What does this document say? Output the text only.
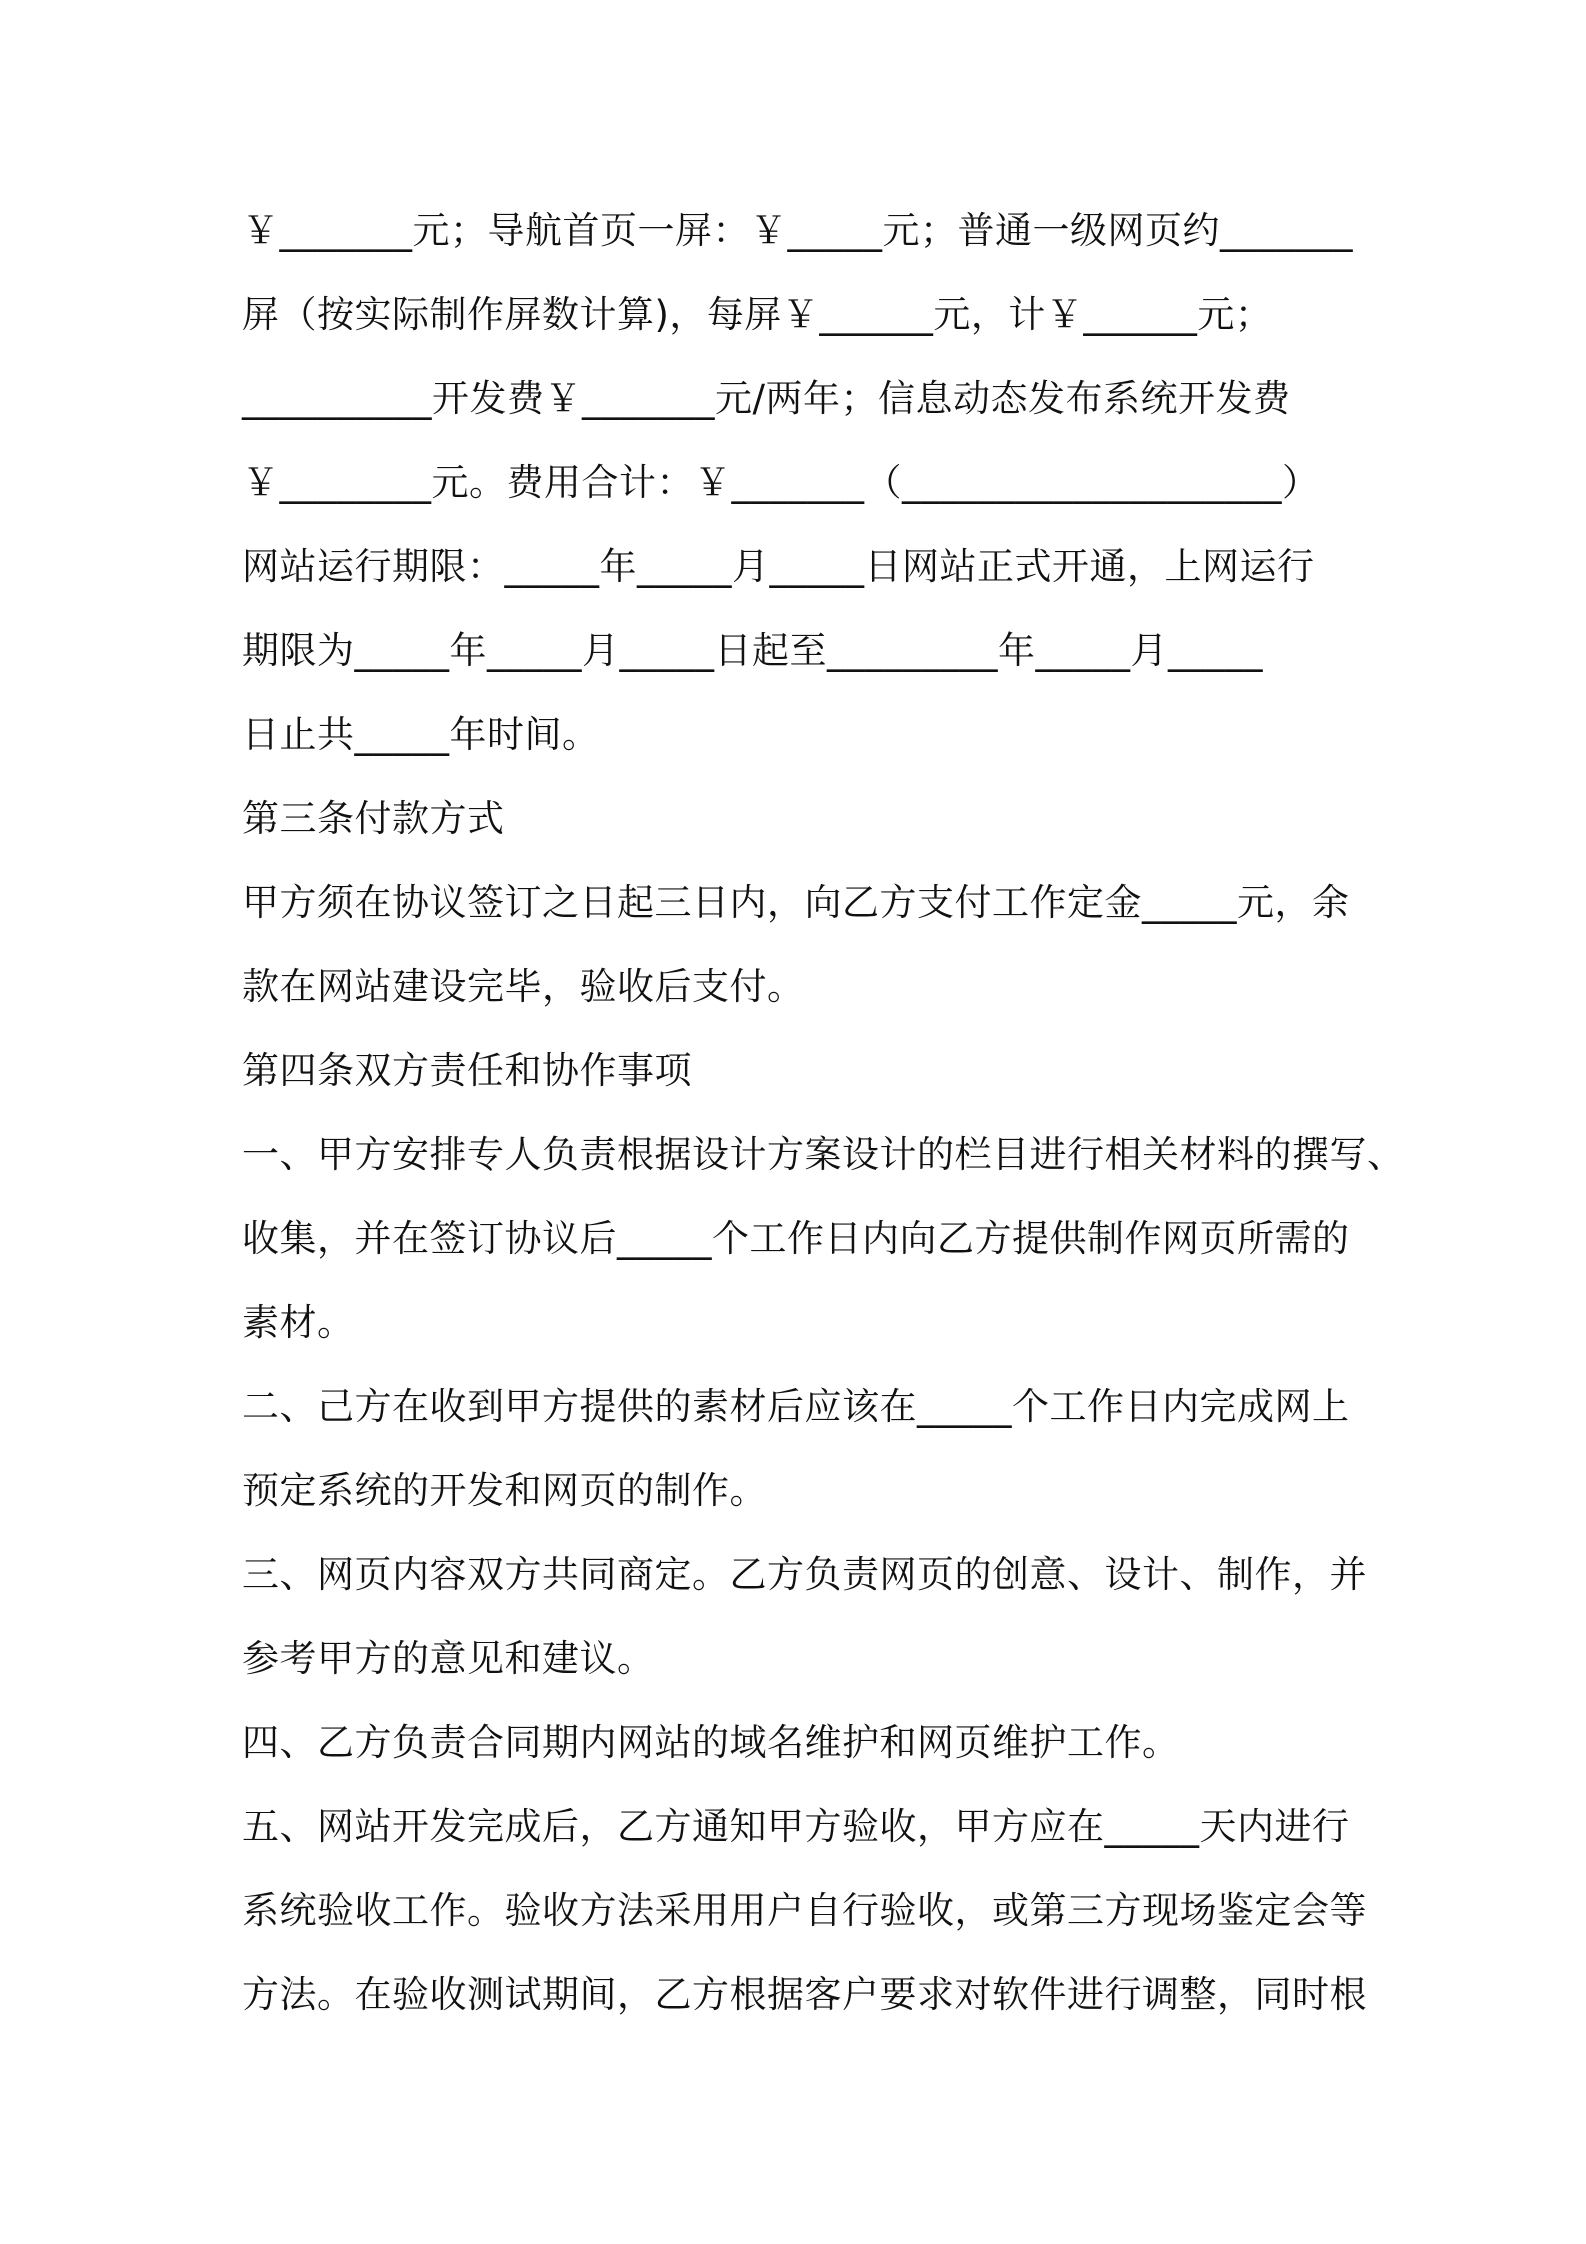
￥_______元；导航首页一屏：￥_____元；普通一级网页约_______
屏（按实际制作屏数计算)，每屏￥______元，计￥______元；
__________开发费￥_______元/两年；信息动态发布系统开发费
￥________元。费用合计：￥_______（____________________）
网站运行期限：_____年_____月_____日网站正式开通，上网运行
期限为_____年_____月_____日起至_________年_____月_____
日止共_____年时间。
第三条付款方式
甲方须在协议签订之日起三日内，向乙方支付工作定金_____元，余
款在网站建设完毕，验收后支付。
第四条双方责任和协作事项
一、甲方安排专人负责根据设计方案设计的栏目进行相关材料的撰写、
收集，并在签订协议后_____个工作日内向乙方提供制作网页所需的
素材。
二、己方在收到甲方提供的素材后应该在_____个工作日内完成网上
预定系统的开发和网页的制作。
三、网页内容双方共同商定。乙方负责网页的创意、设计、制作，并
参考甲方的意见和建议。
四、乙方负责合同期内网站的域名维护和网页维护工作。
五、网站开发完成后，乙方通知甲方验收，甲方应在_____天内进行
系统验收工作。验收方法采用用户自行验收，或第三方现场鉴定会等
方法。在验收测试期间，乙方根据客户要求对软件进行调整，同时根
